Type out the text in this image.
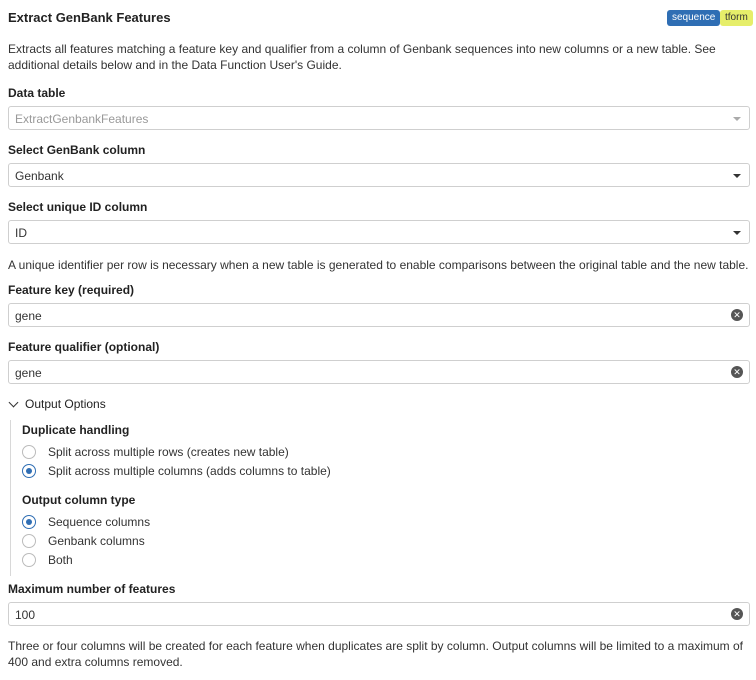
Extract GenBank Features	sequence tform
Extracts all features matching a feature key and qualifier from a column of Genbank sequences into new columns or a new table. See additional details below and in the Data Function User's Guide.
Data table
ExtractGenbankFeatures
Select GenBank column
Genbank
Select unique ID column
ID
A unique identifier per row is necessary when a new table is generated to enable comparisons between the original table and the new table.
Feature key (required)
gene	✕
Feature qualifier (optional)
gene	✕
Output Options
Duplicate handling
Split across multiple rows (creates new table)
Split across multiple columns (adds columns to table)
Output column type
Sequence columns
Genbank columns
Both
Maximum number of features
100	✕
Three or four columns will be created for each feature when duplicates are split by column. Output columns will be limited to a maximum of 400 and extra columns removed.
